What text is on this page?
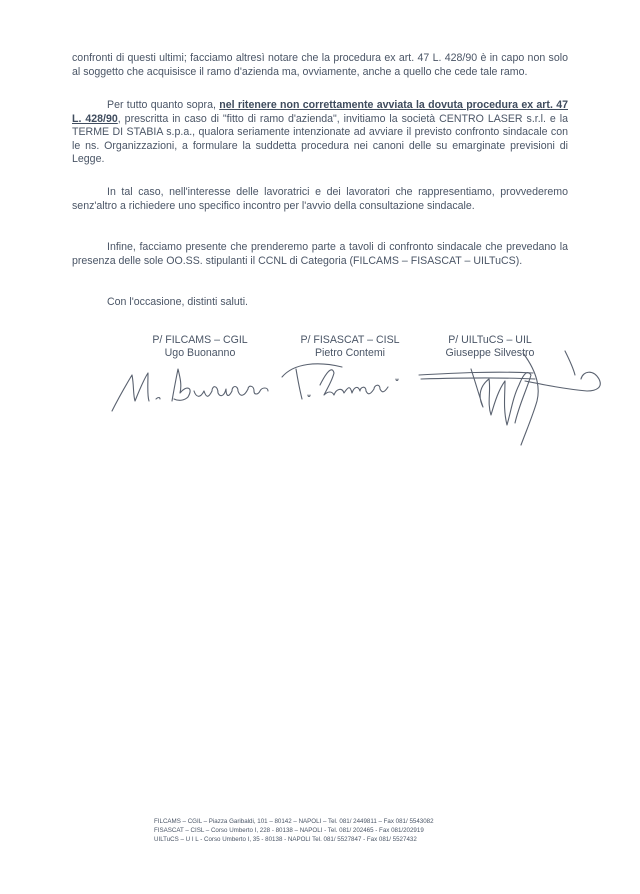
confronti di questi ultimi; facciamo altresì notare che la procedura ex art. 47 L. 428/90 è in capo non solo al soggetto che acquisisce il ramo d'azienda ma, ovviamente, anche a quello che cede tale ramo.

Per tutto quanto sopra, nel ritenere non correttamente avviata la dovuta procedura ex art. 47 L. 428/90, prescritta in caso di "fitto di ramo d'azienda", invitiamo la società CENTRO LASER s.r.l. e la TERME DI STABIA s.p.a., qualora seriamente intenzionate ad avviare il previsto confronto sindacale con le ns. Organizzazioni, a formulare la suddetta procedura nei canoni delle su emarginate previsioni di Legge.

In tal caso, nell'interesse delle lavoratrici e dei lavoratori che rappresentiamo, provvederemo senz'altro a richiedere uno specifico incontro per l'avvio della consultazione sindacale.

Infine, facciamo presente che prenderemo parte a tavoli di confronto sindacale che prevedano la presenza delle sole OO.SS. stipulanti il CCNL di Categoria (FILCAMS – FISASCAT – UILTuCS).

Con l'occasione, distinti saluti.

P/ FILCAMS – CGIL
Ugo Buonanno
P/ FISASCAT – CISL
Pietro Contemi
P/ UILTuCS – UIL
Giuseppe Silvestro
FILCAMS – CGIL – Piazza Garibaldi, 101 – 80142 – NAPOLI – Tel. 081/ 2449811 – Fax 081/ 5543082
FISASCAT – CISL – Corso Umberto I, 228 - 80138 – NAPOLI - Tel. 081/ 202465 - Fax 081/202919
UILTuCS – U I L - Corso Umberto I, 35 - 80138 - NAPOLI Tel. 081/ 5527847 - Fax 081/ 5527432
